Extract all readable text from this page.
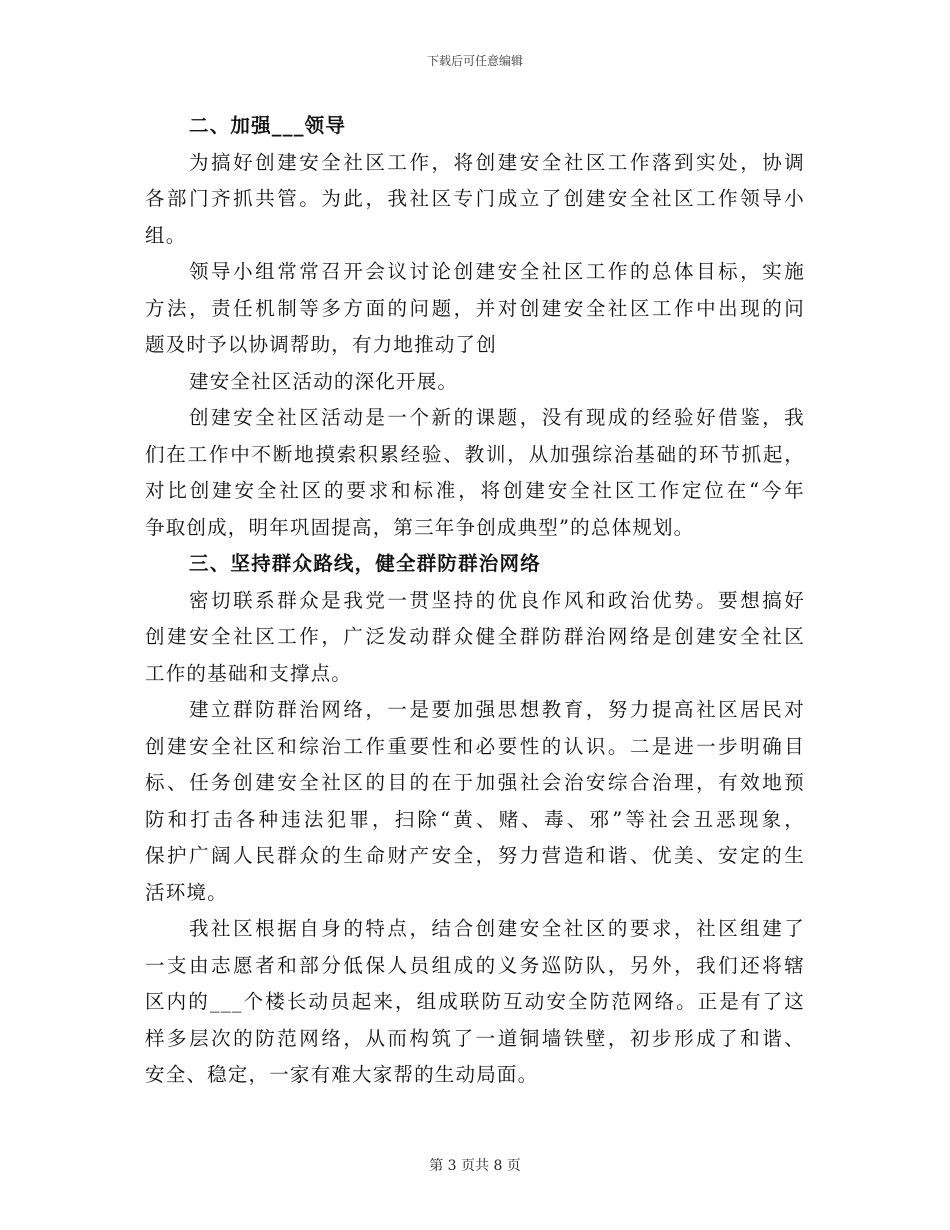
下载后可任意编辑
二、加强___领导
为搞好创建安全社区工作，将创建安全社区工作落到实处，协调
各部门齐抓共管。为此，我社区专门成立了创建安全社区工作领导小
组。
领导小组常常召开会议讨论创建安全社区工作的总体目标，实施
方法，责任机制等多方面的问题，并对创建安全社区工作中出现的问
题及时予以协调帮助，有力地推动了创
建安全社区活动的深化开展。
创建安全社区活动是一个新的课题，没有现成的经验好借鉴，我
们在工作中不断地摸索积累经验、教训，从加强综治基础的环节抓起，
对比创建安全社区的要求和标准，将创建安全社区工作定位在“今年
争取创成，明年巩固提高，第三年争创成典型”的总体规划。
三、坚持群众路线，健全群防群治网络
密切联系群众是我党一贯坚持的优良作风和政治优势。要想搞好
创建安全社区工作，广泛发动群众健全群防群治网络是创建安全社区
工作的基础和支撑点。
建立群防群治网络，一是要加强思想教育，努力提高社区居民对
创建安全社区和综治工作重要性和必要性的认识。二是进一步明确目
标、任务创建安全社区的目的在于加强社会治安综合治理，有效地预
防和打击各种违法犯罪，扫除“黄、赌、毒、邪”等社会丑恶现象，
保护广阔人民群众的生命财产安全，努力营造和谐、优美、安定的生
活环境。
我社区根据自身的特点，结合创建安全社区的要求，社区组建了
一支由志愿者和部分低保人员组成的义务巡防队，另外，我们还将辖
区内的___个楼长动员起来，组成联防互动安全防范网络。正是有了这
样多层次的防范网络，从而构筑了一道铜墙铁壁，初步形成了和谐、
安全、稳定，一家有难大家帮的生动局面。
第 3 页共 8 页
